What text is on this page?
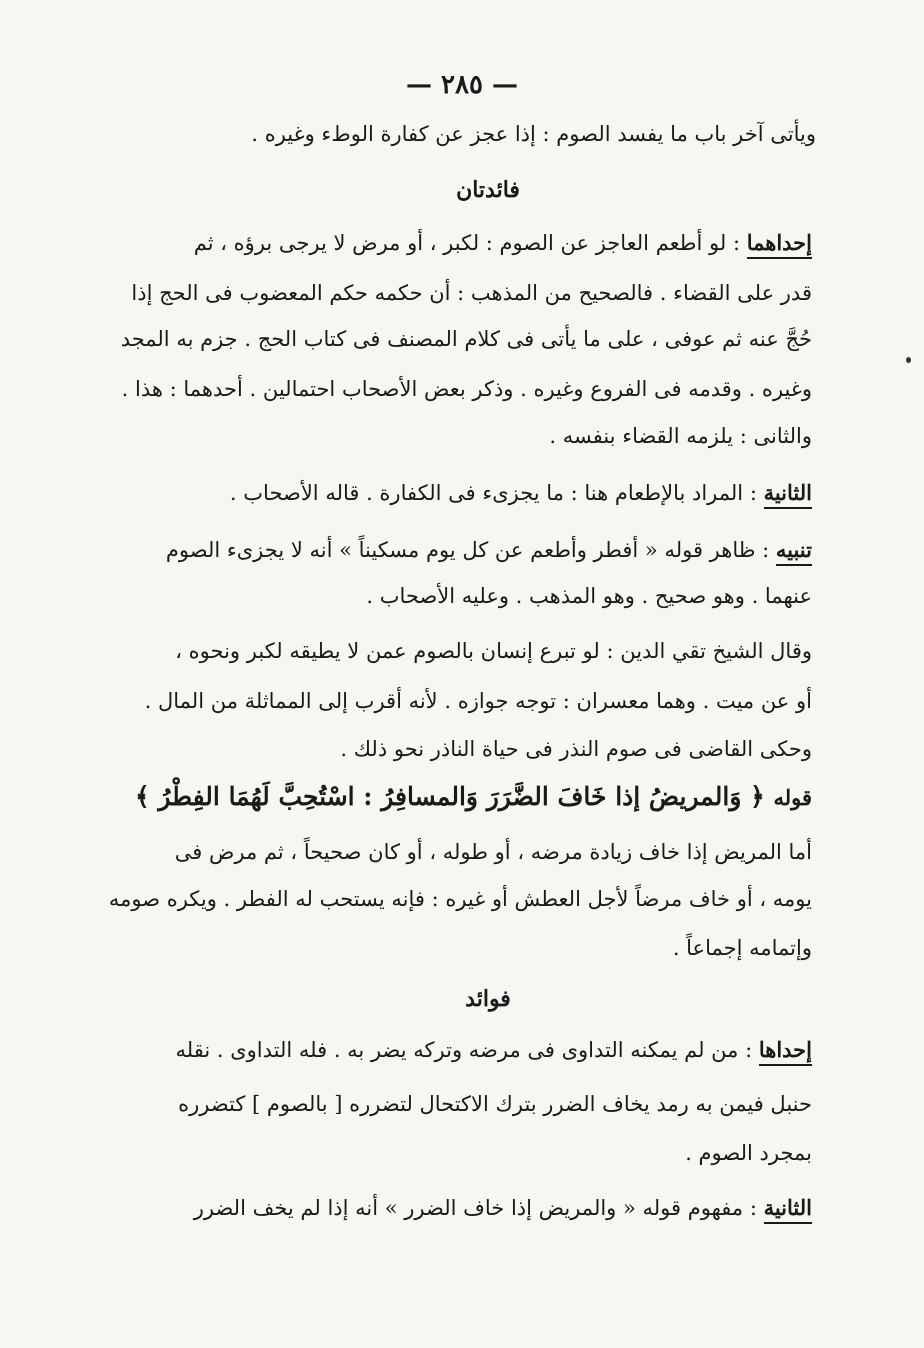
— ٢٨٥ —
ويأتى آخر باب ما يفسد الصوم : إذا عجز عن كفارة الوطء وغيره .
فائدتان
إحداهما : لو أطعم العاجز عن الصوم : لكبر ، أو مرض لا يرجى برؤه ، ثم
قدر على القضاء . فالصحيح من المذهب : أن حكمه حكم المعضوب فى الحج إذا
حُجَّ عنه ثم عوفى ، على ما يأتى فى كلام المصنف فى كتاب الحج . جزم به المجد
وغيره . وقدمه فى الفروع وغيره . وذكر بعض الأصحاب احتمالين . أحدهما : هذا .
والثانى : يلزمه القضاء بنفسه .
الثانية : المراد بالإطعام هنا : ما يجزىء فى الكفارة . قاله الأصحاب .
تنبيه : ظاهر قوله « أفطر وأطعم عن كل يوم مسكيناً » أنه لا يجزىء الصوم
عنهما . وهو صحيح . وهو المذهب . وعليه الأصحاب .
وقال الشيخ تقي الدين : لو تبرع إنسان بالصوم عمن لا يطيقه لكبر ونحوه ،
أو عن ميت . وهما معسران : توجه جوازه . لأنه أقرب إلى المماثلة من المال .
وحكى القاضى فى صوم النذر فى حياة الناذر نحو ذلك .
قوله ﴿ وَالمريضُ إذا خَافَ الضَّرَرَ وَالمسافِرُ : اسْتُحِبَّ لَهُمَا الفِطْرُ ﴾
أما المريض إذا خاف زيادة مرضه ، أو طوله ، أو كان صحيحاً ، ثم مرض فى
يومه ، أو خاف مرضاً لأجل العطش أو غيره : فإنه يستحب له الفطر . ويكره صومه
وإتمامه إجماعاً .
فوائد
إحداها : من لم يمكنه التداوى فى مرضه وتركه يضر به . فله التداوى . نقله
حنبل فيمن به رمد يخاف الضرر بترك الاكتحال لتضرره [ بالصوم ] كتضرره
بمجرد الصوم .
الثانية : مفهوم قوله « والمريض إذا خاف الضرر » أنه إذا لم يخف الضرر
